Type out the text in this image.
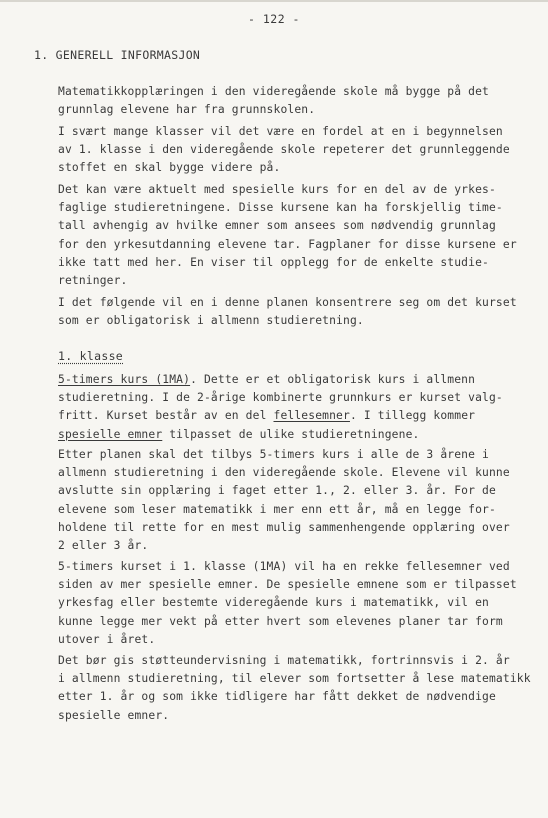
- 122 -
1. GENERELL INFORMASJON
Matematikkopplæringen i den videregående skole må bygge på det
grunnlag elevene har fra grunnskolen.
I svært mange klasser vil det være en fordel at en i begynnelsen
av 1. klasse i den videregående skole repeterer det grunnleggende
stoffet en skal bygge videre på.
Det kan være aktuelt med spesielle kurs for en del av de yrkes-
faglige studieretningene. Disse kursene kan ha forskjellig time-
tall avhengig av hvilke emner som ansees som nødvendig grunnlag
for den yrkesutdanning elevene tar. Fagplaner for disse kursene er
ikke tatt med her. En viser til opplegg for de enkelte studie-
retninger.
I det følgende vil en i denne planen konsentrere seg om det kurset
som er obligatorisk i allmenn studieretning.
1. klasse
5-timers kurs (1MA). Dette er et obligatorisk kurs i allmenn
studieretning. I de 2-årige kombinerte grunnkurs er kurset valg-
fritt. Kurset består av en del fellesemner. I tillegg kommer
spesielle emner tilpasset de ulike studieretningene.
Etter planen skal det tilbys 5-timers kurs i alle de 3 årene i
allmenn studieretning i den videregående skole. Elevene vil kunne
avslutte sin opplæring i faget etter 1., 2. eller 3. år. For de
elevene som leser matematikk i mer enn ett år, må en legge for-
holdene til rette for en mest mulig sammenhengende opplæring over
2 eller 3 år.
5-timers kurset i 1. klasse (1MA) vil ha en rekke fellesemner ved
siden av mer spesielle emner. De spesielle emnene som er tilpasset
yrkesfag eller bestemte videregående kurs i matematikk, vil en
kunne legge mer vekt på etter hvert som elevenes planer tar form
utover i året.
Det bør gis støtteundervisning i matematikk, fortrinnsvis i 2. år
i allmenn studieretning, til elever som fortsetter å lese matematikk
etter 1. år og som ikke tidligere har fått dekket de nødvendige
spesielle emner.
